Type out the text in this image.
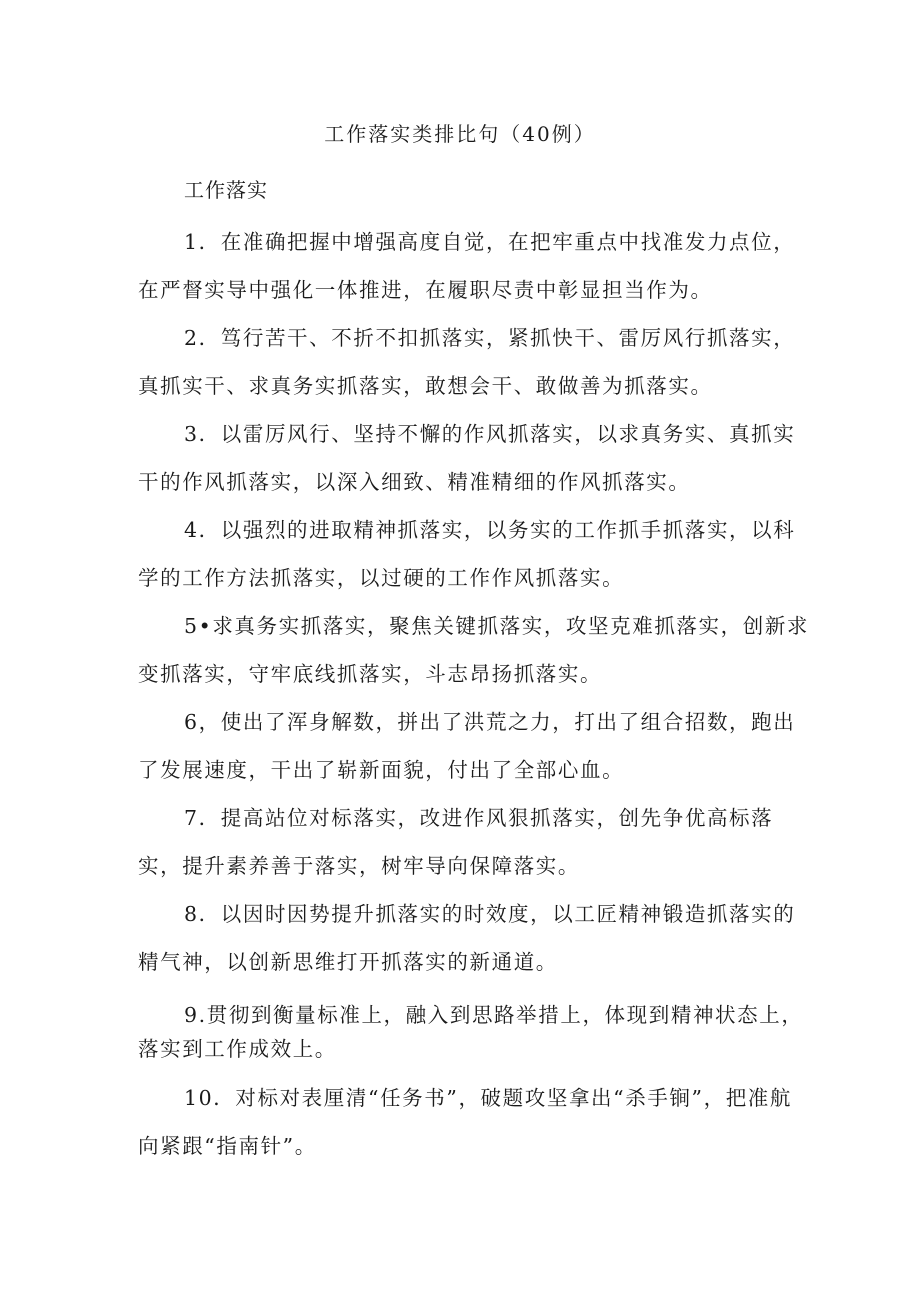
工作落实类排比句（40例）
工作落实
1．在准确把握中增强高度自觉，在把牢重点中找准发力点位，在严督实导中强化一体推进，在履职尽责中彰显担当作为。
2．笃行苦干、不折不扣抓落实，紧抓快干、雷厉风行抓落实，真抓实干、求真务实抓落实，敢想会干、敢做善为抓落实。
3．以雷厉风行、坚持不懈的作风抓落实，以求真务实、真抓实干的作风抓落实，以深入细致、精准精细的作风抓落实。
4．以强烈的进取精神抓落实，以务实的工作抓手抓落实，以科学的工作方法抓落实，以过硬的工作作风抓落实。
5•求真务实抓落实，聚焦关键抓落实，攻坚克难抓落实，创新求变抓落实，守牢底线抓落实，斗志昂扬抓落实。
6，使出了浑身解数，拼出了洪荒之力，打出了组合招数，跑出了发展速度，干出了崭新面貌，付出了全部心血。
7．提高站位对标落实，改进作风狠抓落实，创先争优高标落实，提升素养善于落实，树牢导向保障落实。
8．以因时因势提升抓落实的时效度，以工匠精神锻造抓落实的精气神，以创新思维打开抓落实的新通道。
9.贯彻到衡量标准上，融入到思路举措上，体现到精神状态上，落实到工作成效上。
10．对标对表厘清“任务书”，破题攻坚拿出“杀手锏”，把准航向紧跟“指南针”。
